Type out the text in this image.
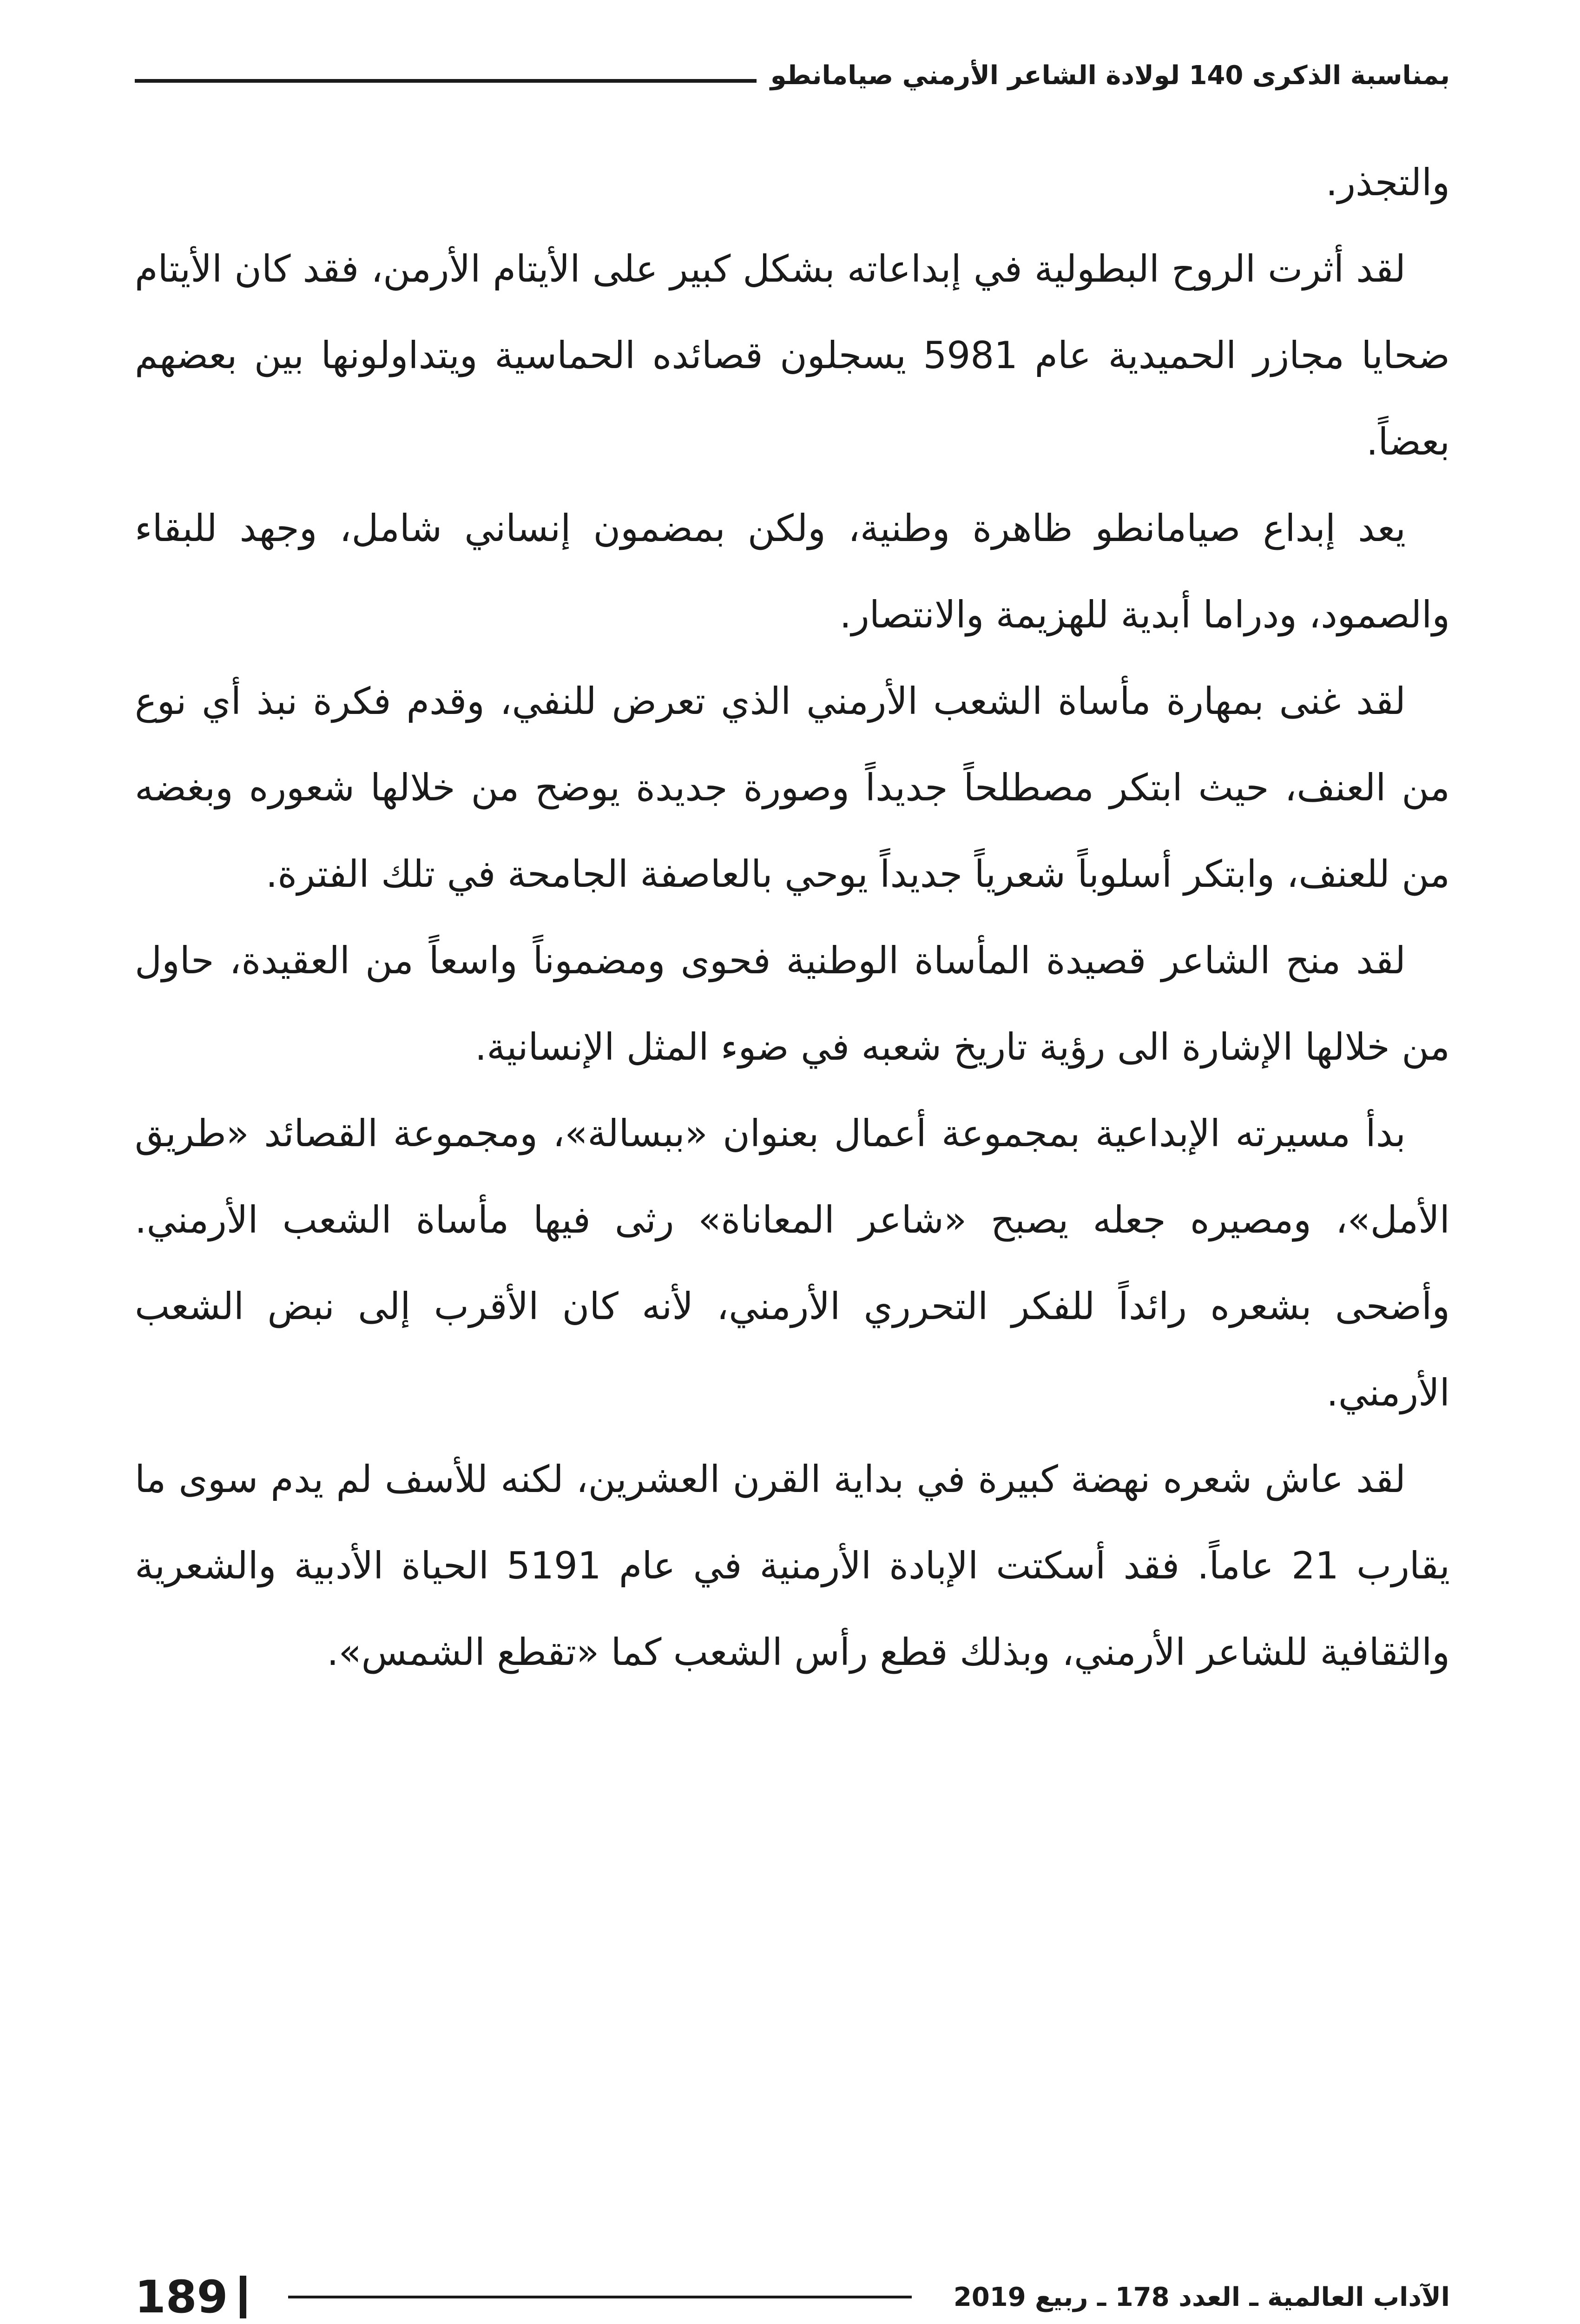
بمناسبة الذكرى 140 لولادة الشاعر الأرمني صيامانطو

والتجذر.

لقد أثرت الروح البطولية في إبداعاته بشكل كبير على الأيتام الأرمن، فقد كان الأيتام ضحايا مجازر الحميدية عام 5981 يسجلون قصائده الحماسية ويتداولونها بين بعضهم بعضاً.

يعد إبداع صيامانطو ظاهرة وطنية، ولكن بمضمون إنساني شامل، وجهد للبقاء والصمود، ودراما أبدية للهزيمة والانتصار.

لقد غنى بمهارة مأساة الشعب الأرمني الذي تعرض للنفي، وقدم فكرة نبذ أي نوع من العنف، حيث ابتكر مصطلحاً جديداً وصورة جديدة يوضح من خلالها شعوره وبغضه من للعنف، وابتكر أسلوباً شعرياً جديداً يوحي بالعاصفة الجامحة في تلك الفترة.

لقد منح الشاعر قصيدة المأساة الوطنية فحوى ومضموناً واسعاً من العقيدة، حاول من خلالها الإشارة الى رؤية تاريخ شعبه في ضوء المثل الإنسانية.

بدأ مسيرته الإبداعية بمجموعة أعمال بعنوان «ببسالة»، ومجموعة القصائد «طريق الأمل»، ومصيره جعله يصبح «شاعر المعاناة» رثى فيها مأساة الشعب الأرمني. وأضحى بشعره رائداً للفكر التحرري الأرمني، لأنه كان الأقرب إلى نبض الشعب الأرمني.

لقد عاش شعره نهضة كبيرة في بداية القرن العشرين، لكنه للأسف لم يدم سوى ما يقارب 21 عاماً. فقد أسكتت الإبادة الأرمنية في عام 5191 الحياة الأدبية والشعرية والثقافية للشاعر الأرمني، وبذلك قطع رأس الشعب كما «تقطع الشمس».

الآداب العالمية ـ العدد 178 ـ ربيع 2019
189
